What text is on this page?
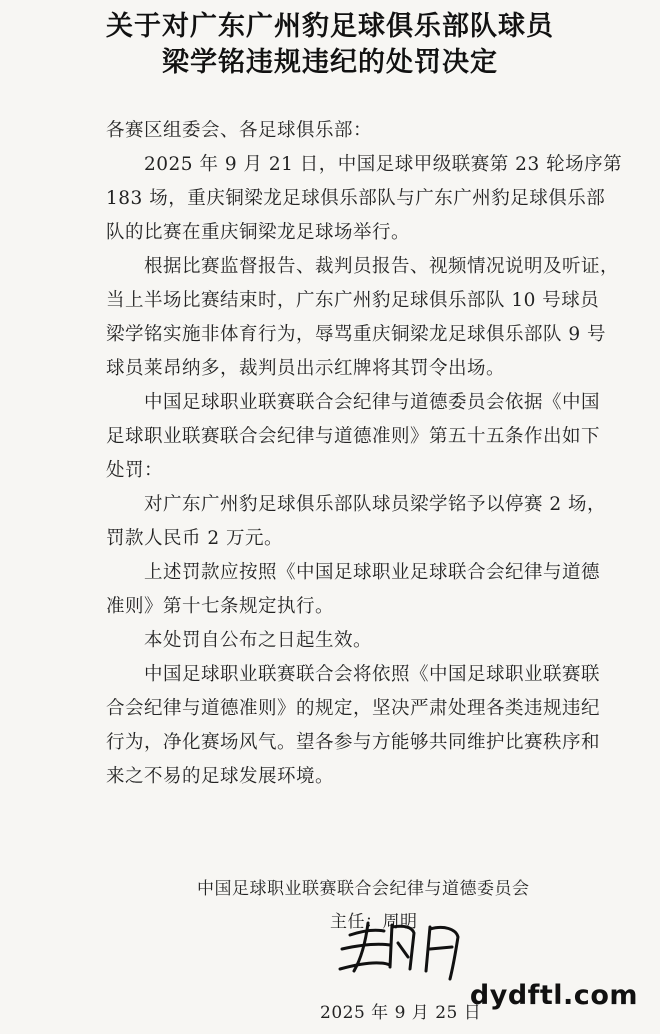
关于对广东广州豹足球俱乐部队球员
梁学铭违规违纪的处罚决定
各赛区组委会、各足球俱乐部：
2025 年 9 月 21 日，中国足球甲级联赛第 23 轮场序第
183 场，重庆铜梁龙足球俱乐部队与广东广州豹足球俱乐部
队的比赛在重庆铜梁龙足球场举行。
根据比赛监督报告、裁判员报告、视频情况说明及听证，
当上半场比赛结束时，广东广州豹足球俱乐部队 10 号球员
梁学铭实施非体育行为，辱骂重庆铜梁龙足球俱乐部队 9 号
球员莱昂纳多，裁判员出示红牌将其罚令出场。
中国足球职业联赛联合会纪律与道德委员会依据《中国
足球职业联赛联合会纪律与道德准则》第五十五条作出如下
处罚：
对广东广州豹足球俱乐部队球员梁学铭予以停赛 2 场，
罚款人民币 2 万元。
上述罚款应按照《中国足球职业足球联合会纪律与道德
准则》第十七条规定执行。
本处罚自公布之日起生效。
中国足球职业联赛联合会将依照《中国足球职业联赛联
合会纪律与道德准则》的规定，坚决严肃处理各类违规违纪
行为，净化赛场风气。望各参与方能够共同维护比赛秩序和
来之不易的足球发展环境。
中国足球职业联赛联合会纪律与道德委员会
主任：周明
2025 年 9 月 25 日
dydftl.com
